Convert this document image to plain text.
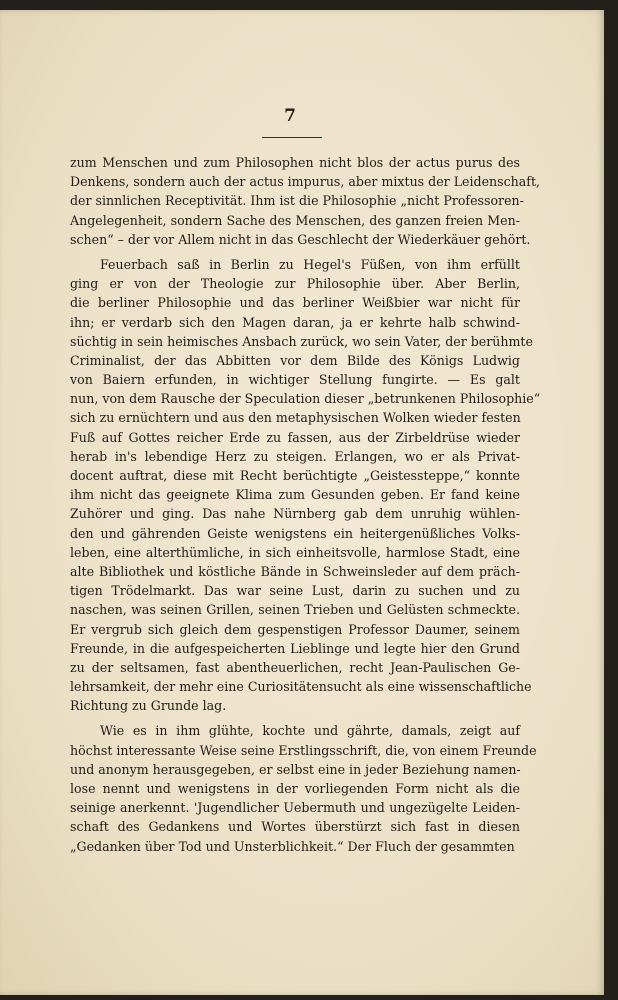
7
zum Menschen und zum Philosophen nicht blos der actus purus des
Denkens, sondern auch der actus impurus, aber mixtus der Leidenschaft,
der sinnlichen Receptivität. Ihm ist die Philosophie „nicht Professoren-
Angelegenheit, sondern Sache des Menschen, des ganzen freien Men-
schen“ – der vor Allem nicht in das Geschlecht der Wiederkäuer gehört.
Feuerbach saß in Berlin zu Hegel's Füßen, von ihm erfüllt
ging er von der Theologie zur Philosophie über. Aber Berlin,
die berliner Philosophie und das berliner Weißbier war nicht für
ihn; er verdarb sich den Magen daran, ja er kehrte halb schwind-
süchtig in sein heimisches Ansbach zurück, wo sein Vater, der berühmte
Criminalist, der das Abbitten vor dem Bilde des Königs Ludwig
von Baiern erfunden, in wichtiger Stellung fungirte. — Es galt
nun, von dem Rausche der Speculation dieser „betrunkenen Philosophie“
sich zu ernüchtern und aus den metaphysischen Wolken wieder festen
Fuß auf Gottes reicher Erde zu fassen, aus der Zirbeldrüse wieder
herab in's lebendige Herz zu steigen. Erlangen, wo er als Privat-
docent auftrat, diese mit Recht berüchtigte „Geistessteppe,“ konnte
ihm nicht das geeignete Klima zum Gesunden geben. Er fand keine
Zuhörer und ging. Das nahe Nürnberg gab dem unruhig wühlen-
den und gährenden Geiste wenigstens ein heitergenüßliches Volks-
leben, eine alterthümliche, in sich einheitsvolle, harmlose Stadt, eine
alte Bibliothek und köstliche Bände in Schweinsleder auf dem präch-
tigen Trödelmarkt. Das war seine Lust, darin zu suchen und zu
naschen, was seinen Grillen, seinen Trieben und Gelüsten schmeckte.
Er vergrub sich gleich dem gespenstigen Professor Daumer, seinem
Freunde, in die aufgespeicherten Lieblinge und legte hier den Grund
zu der seltsamen, fast abentheuerlichen, recht Jean-Paulischen Ge-
lehrsamkeit, der mehr eine Curiositätensucht als eine wissenschaftliche
Richtung zu Grunde lag.
Wie es in ihm glühte, kochte und gährte, damals, zeigt auf
höchst interessante Weise seine Erstlingsschrift, die, von einem Freunde
und anonym herausgegeben, er selbst eine in jeder Beziehung namen-
lose nennt und wenigstens in der vorliegenden Form nicht als die
seinige anerkennt. 'Jugendlicher Uebermuth und ungezügelte Leiden-
schaft des Gedankens und Wortes überstürzt sich fast in diesen
„Gedanken über Tod und Unsterblichkeit.“ Der Fluch der gesammten
